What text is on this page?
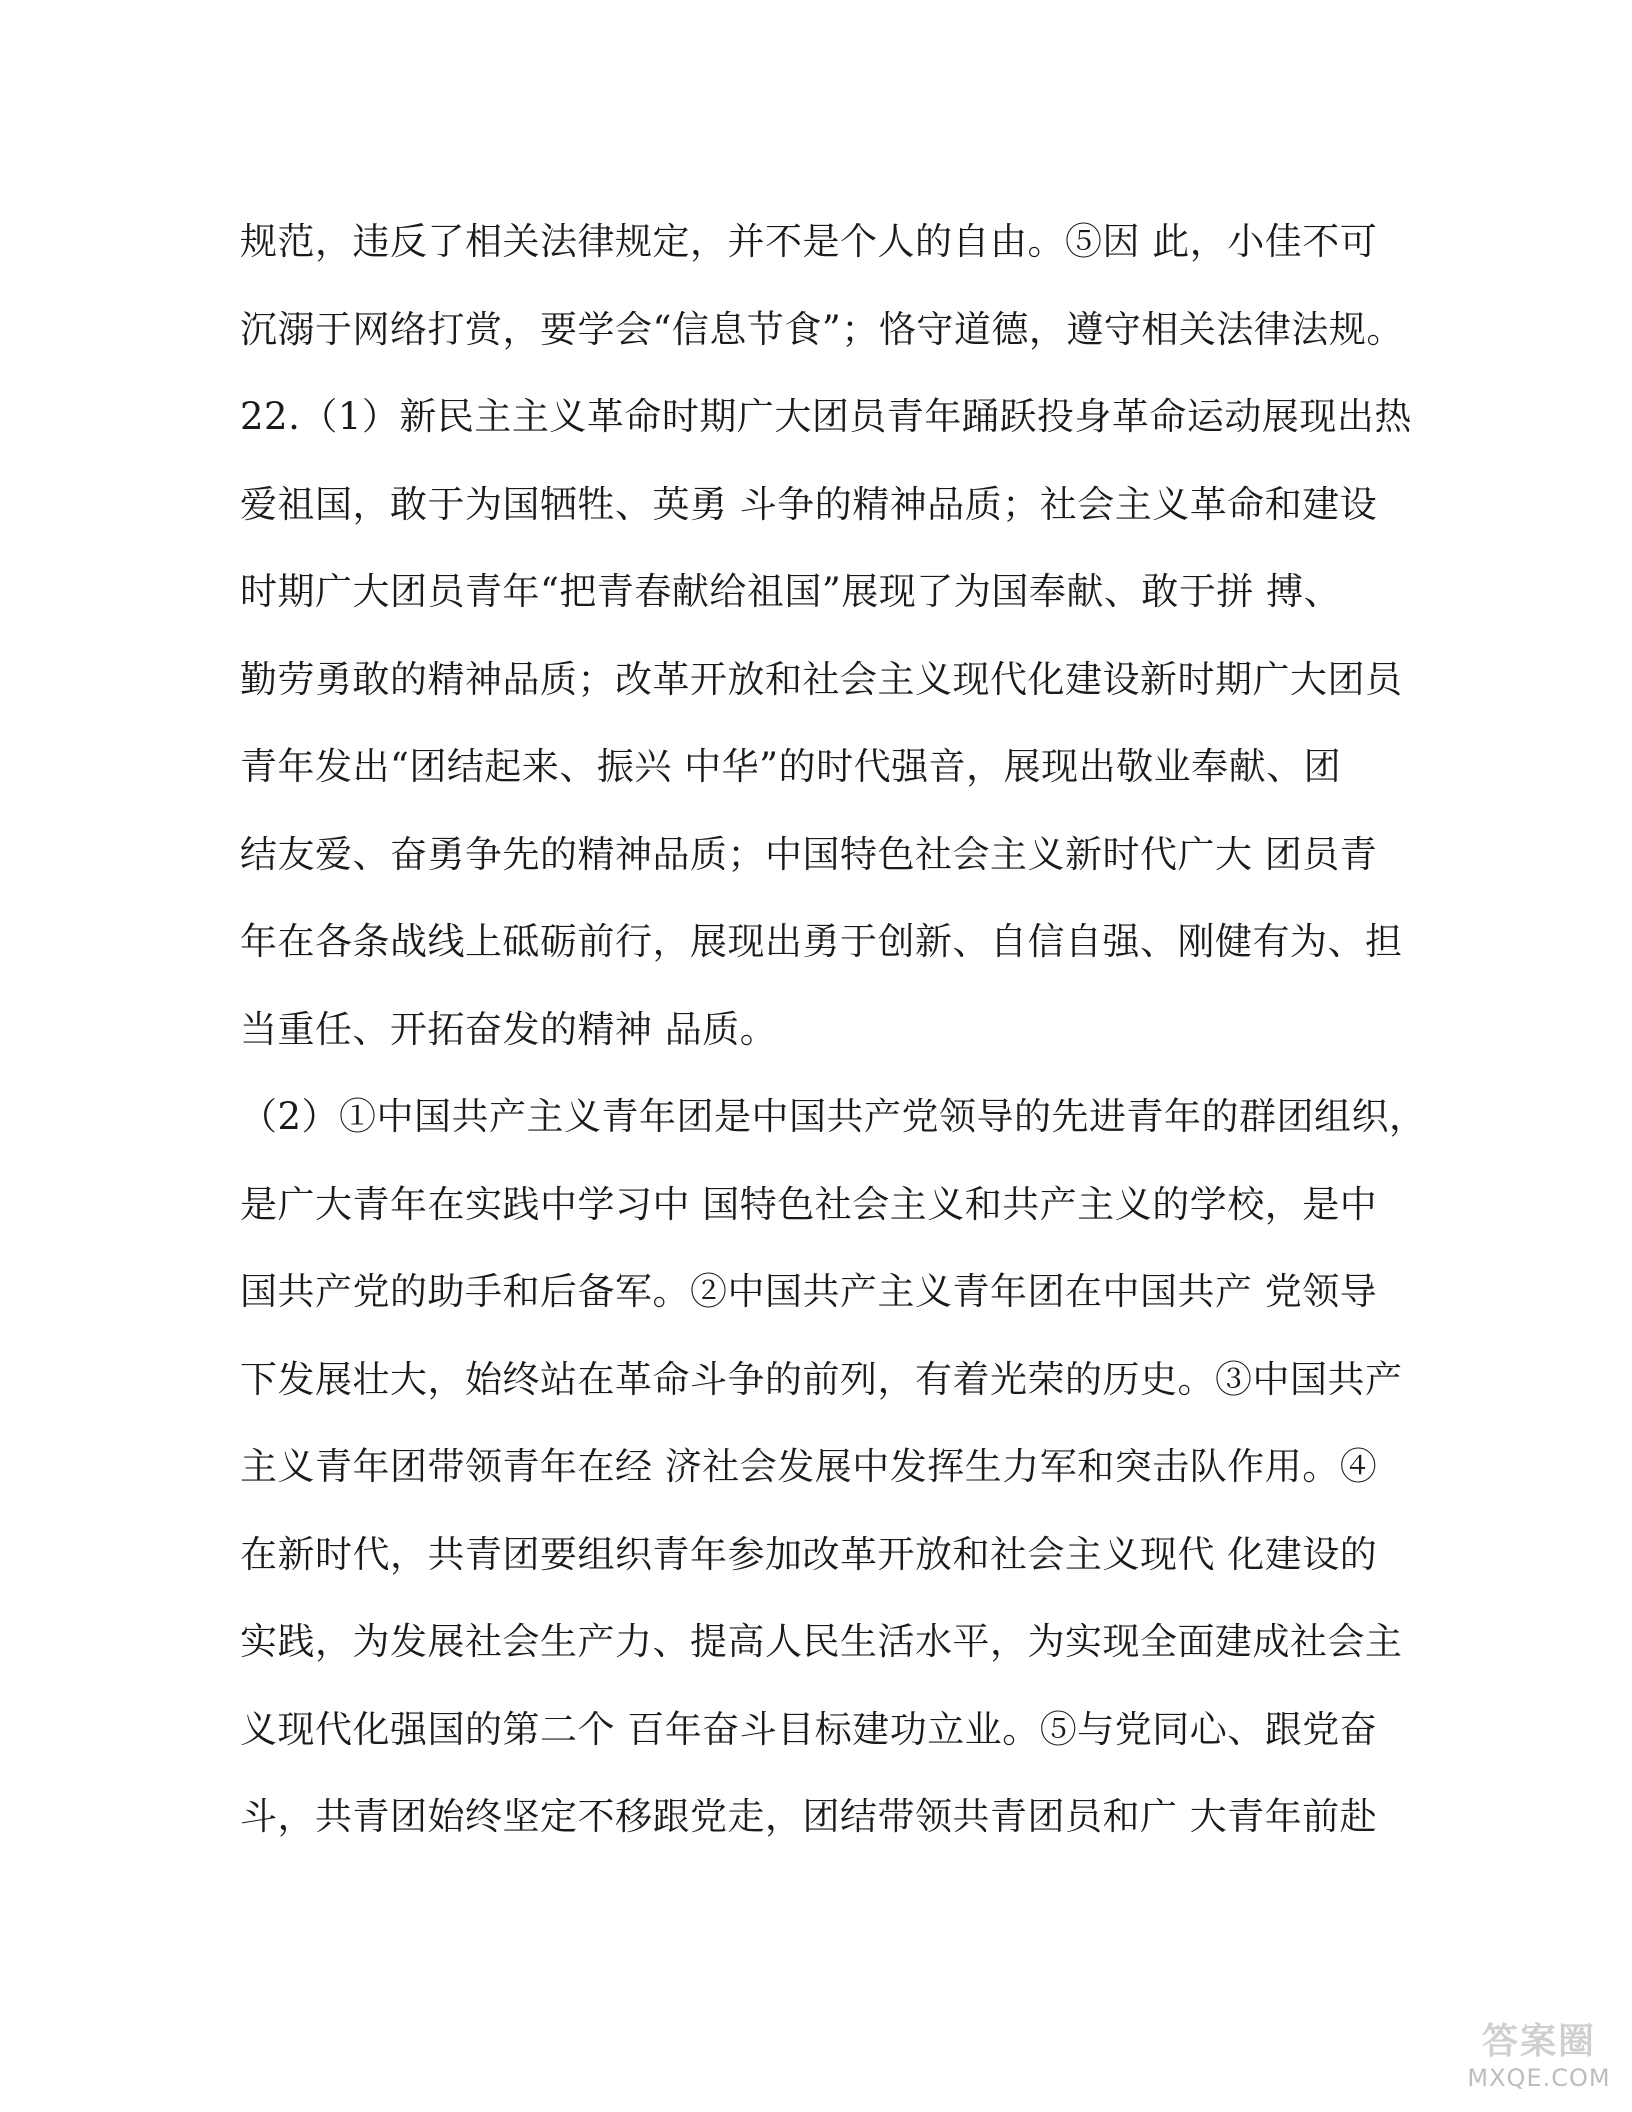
规范，违反了相关法律规定，并不是个人的自由。⑤因 此，小佳不可
沉溺于网络打赏，要学会“信息节食”；恪守道德，遵守相关法律法规。
22.（1）新民主主义革命时期广大团员青年踊跃投身革命运动展现出热
爱祖国，敢于为国牺牲、英勇 斗争的精神品质；社会主义革命和建设
时期广大团员青年“把青春献给祖国”展现了为国奉献、敢于拼 搏、
勤劳勇敢的精神品质；改革开放和社会主义现代化建设新时期广大团员
青年发出“团结起来、振兴 中华”的时代强音，展现出敬业奉献、团
结友爱、奋勇争先的精神品质；中国特色社会主义新时代广大 团员青
年在各条战线上砥砺前行，展现出勇于创新、自信自强、刚健有为、担
当重任、开拓奋发的精神 品质。
（2）①中国共产主义青年团是中国共产党领导的先进青年的群团组织，
是广大青年在实践中学习中 国特色社会主义和共产主义的学校，是中
国共产党的助手和后备军。②中国共产主义青年团在中国共产 党领导
下发展壮大，始终站在革命斗争的前列，有着光荣的历史。③中国共产
主义青年团带领青年在经 济社会发展中发挥生力军和突击队作用。④
在新时代，共青团要组织青年参加改革开放和社会主义现代 化建设的
实践，为发展社会生产力、提高人民生活水平，为实现全面建成社会主
义现代化强国的第二个 百年奋斗目标建功立业。⑤与党同心、跟党奋
斗，共青团始终坚定不移跟党走，团结带领共青团员和广 大青年前赴
答案圈
MXQE.COM
